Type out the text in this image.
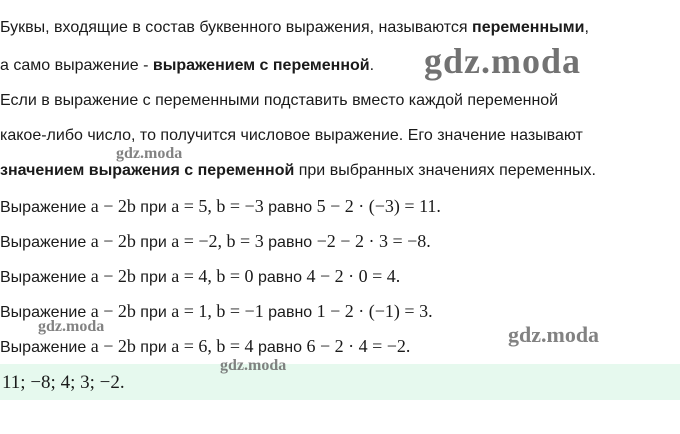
Буквы, входящие в состав буквенного выражения, называются переменными,
а само выражение - выражением с переменной.
Если в выражение с переменными подставить вместо каждой переменной
какое-либо число, то получится числовое выражение. Его значение называют
значением выражения с переменной при выбранных значениях переменных.
Выражение a − 2b при a = 5, b = −3 равно 5 − 2 · (−3) = 11.
Выражение a − 2b при a = −2, b = 3 равно −2 − 2 · 3 = −8.
Выражение a − 2b при a = 4, b = 0 равно 4 − 2 · 0 = 4.
Выражение a − 2b при a = 1, b = −1 равно 1 − 2 · (−1) = 3.
Выражение a − 2b при a = 6, b = 4 равно 6 − 2 · 4 = −2.
11; −8; 4; 3; −2.
gdz.moda
gdz.moda
gdz.moda	gdz.moda
gdz.moda
